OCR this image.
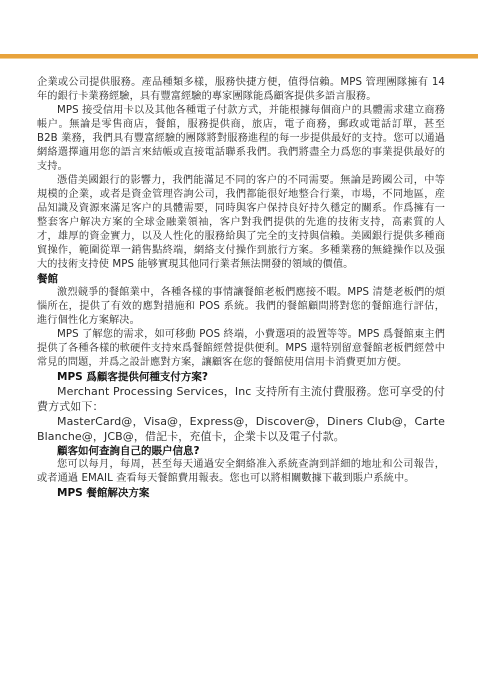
企業或公司提供服務。產品種類多樣，服務快捷方便，值得信賴。MPS 管理團隊擁有 14 年的銀行卡業務經驗，具有豐富經驗的專家團隊能爲顧客提供多語言服務。

MPS 接受信用卡以及其他各種電子付款方式，并能根據每個商户的具體需求建立商務帳户。無論是零售商店，餐館，服務提供商，旅店，電子商務，郵政或電話訂單，甚至 B2B 業務，我們具有豐富經驗的團隊將對服務進程的每一步提供最好的支持。您可以通過網絡選擇適用您的語言來結帳或直接電話聯系我們。我們將盡全力爲您的事業提供最好的支持。

憑借美國銀行的影響力，我們能滿足不同的客户的不同需要。無論是跨國公司，中等規模的企業，或者是資金管理咨詢公司，我們都能很好地整合行業，市場，不同地區，産品知識及資源來滿足客户的具體需要，同時與客户保持良好持久穩定的關系。作爲擁有一整套客户解决方案的全球金融業領袖，客户對我們提供的先進的技術支持，高素質的人才，雄厚的資金實力，以及人性化的服務給與了完全的支持與信賴。美國銀行提供多種商貿操作，範圍從單一銷售點終端，網絡支付操作到旅行方案。多種業務的無縫操作以及强大的技術支持使 MPS 能够實現其他同行業者無法開發的領域的價值。

餐館

激烈競爭的餐館業中，各種各樣的事情讓餐館老板們應接不暇。MPS 清楚老板們的煩惱所在，提供了有效的應對措施和 POS 系統。我們的餐館顧問將對您的餐館進行評估，進行個性化方案解决。

MPS 了解您的需求，如可移動 POS 終端，小費選項的設置等等。MPS 爲餐館東主們提供了各種各樣的軟硬件支持來爲餐館經營提供便利。MPS 還特别留意餐館老板們經營中常見的問題，并爲之設計應對方案，讓顧客在您的餐館使用信用卡消費更加方便。

MPS 爲顧客提供何種支付方案?

Merchant Processing Services，Inc 支持所有主流付費服務。您可享受的付費方式如下：

MasterCard@，Visa@，Express@，Discover@，Diners Club@，Carte Blanche@，JCB@，借記卡，充值卡，企業卡以及電子付款。

顧客如何查詢自己的賬户信息?

您可以每月，每周，甚至每天通過安全網絡准入系統查詢到詳細的地址和公司報告，或者通過 EMAIL 查看每天餐館費用報表。您也可以將相關數據下載到賬户系統中。

MPS 餐館解决方案
